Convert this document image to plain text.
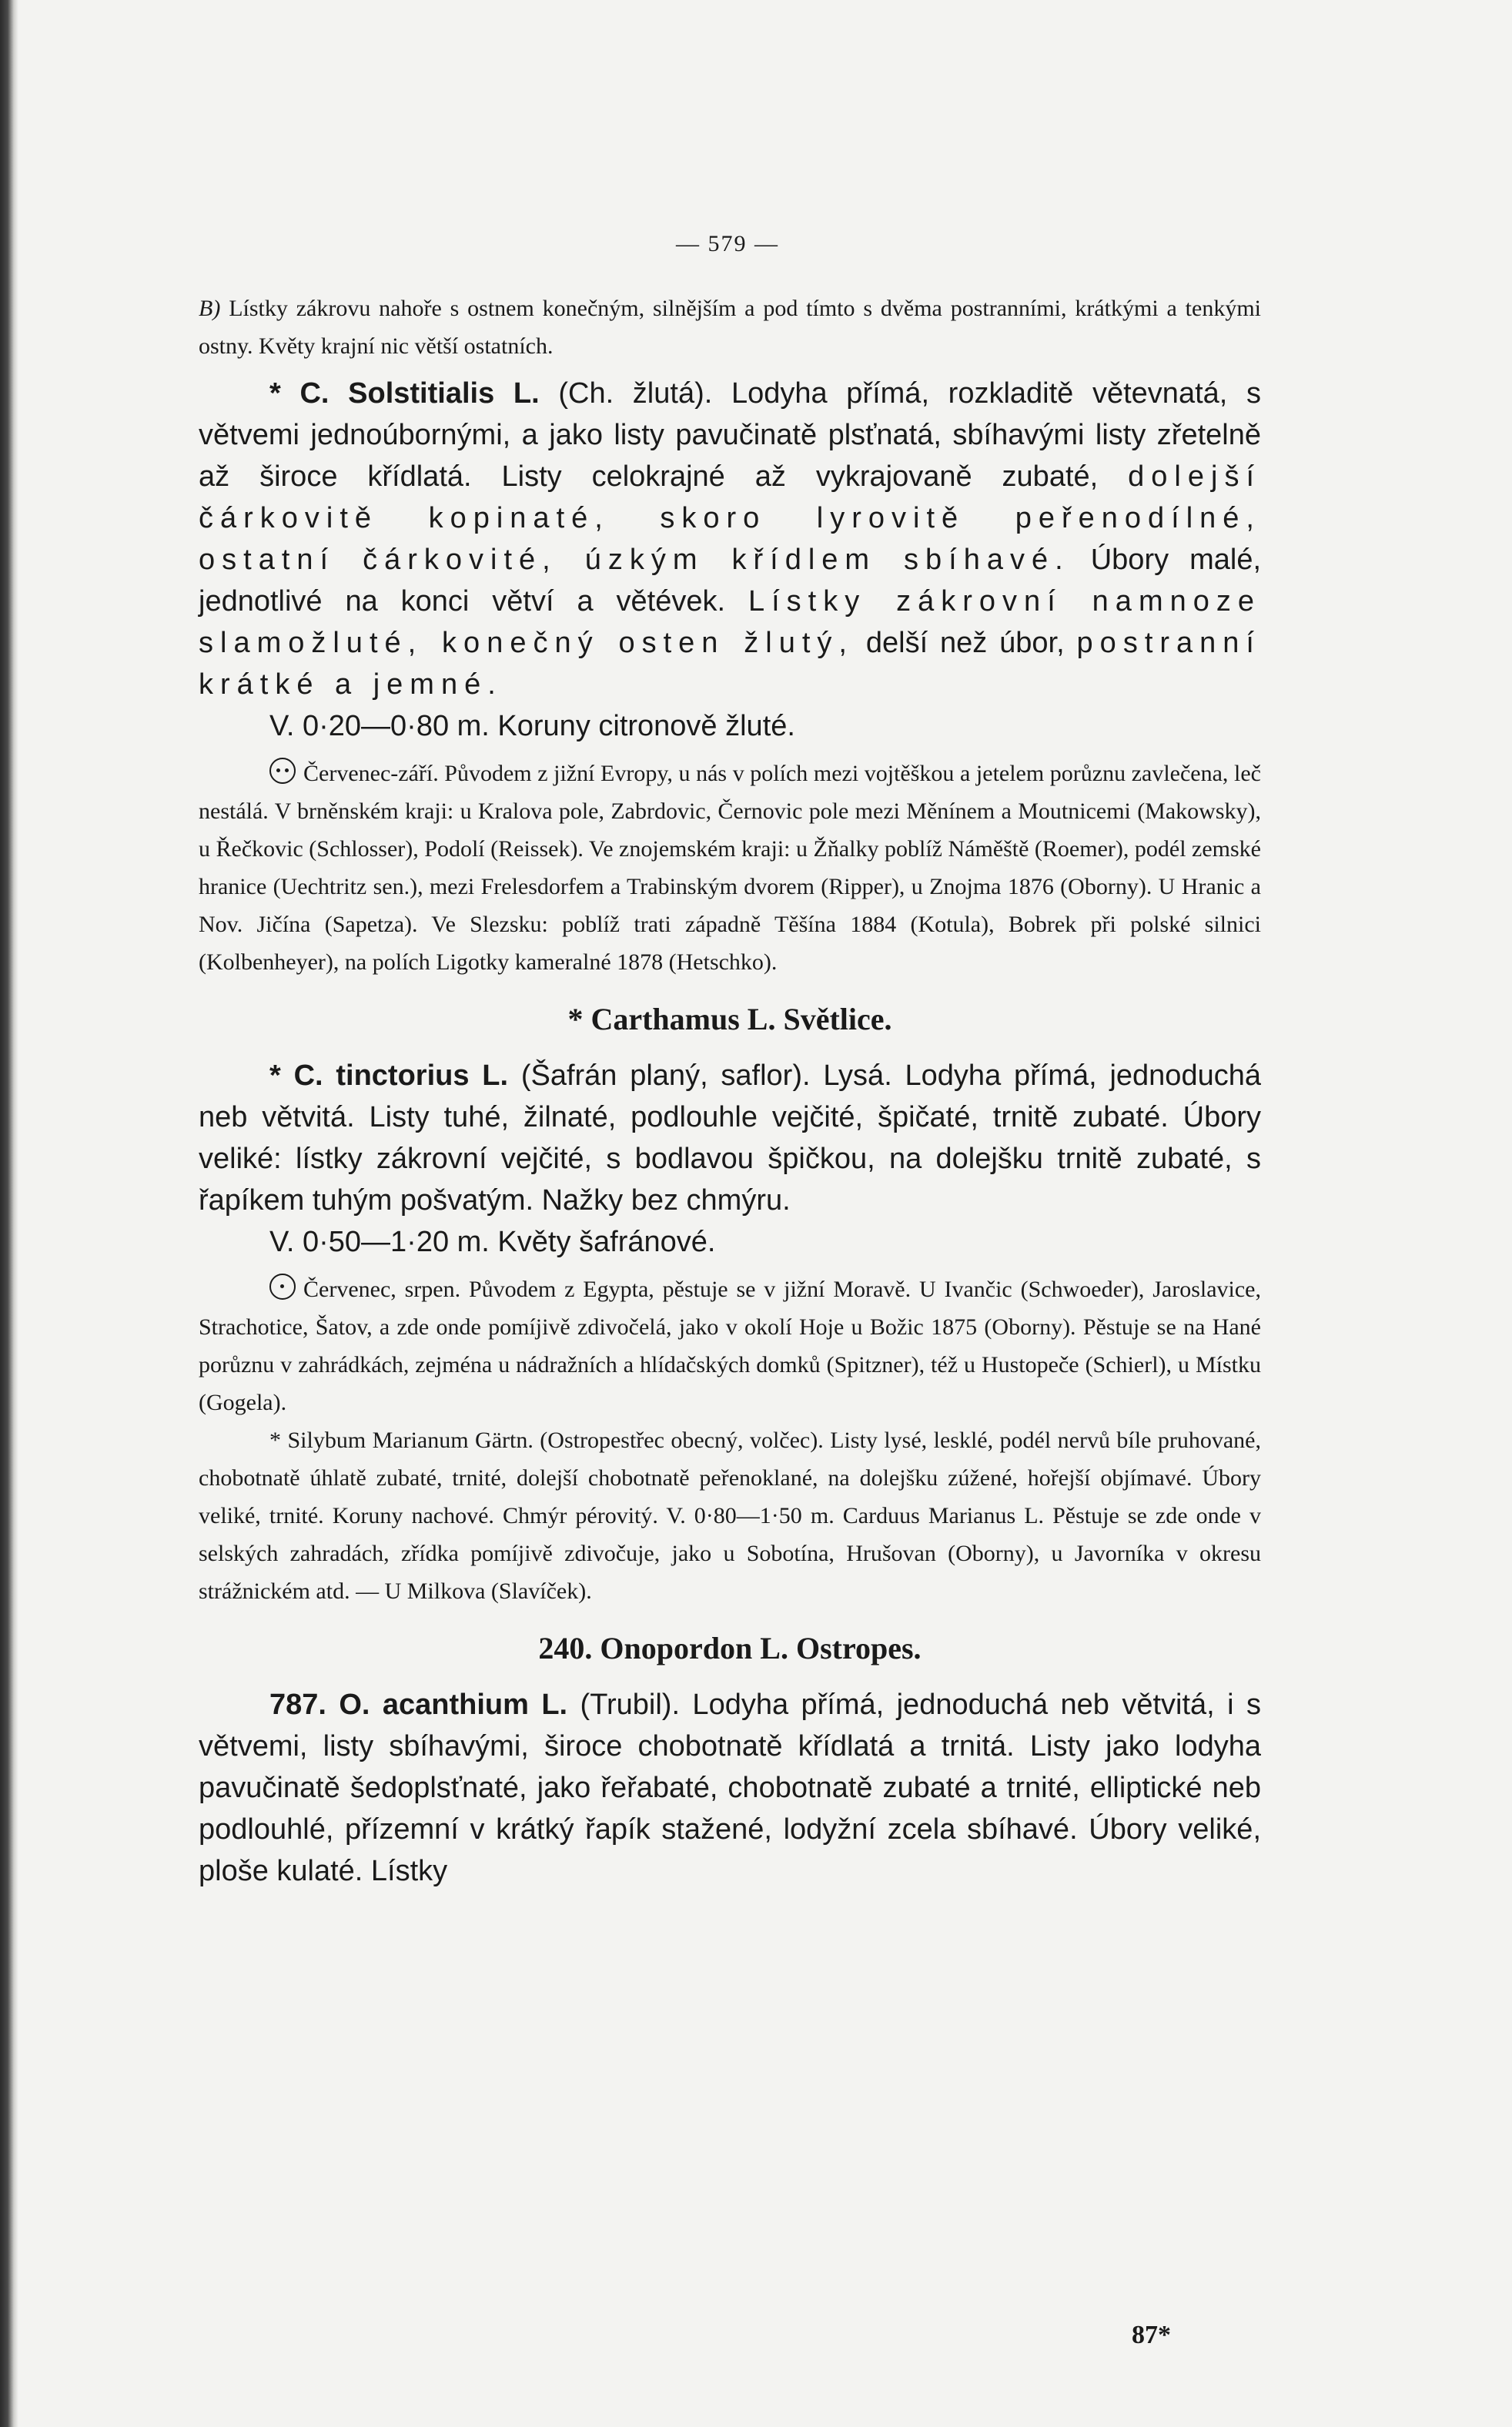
— 579 —

B) Lístky zákrovu nahoře s ostnem konečným, silnějším a pod tímto s dvěma postranními, krátkými a tenkými ostny. Květy krajní nic větší ostatních.

* C. Solstitialis L. (Ch. žlutá). Lodyha přímá, rozkladitě větevnatá, s větvemi jednoúbornými, a jako listy pavučinatě plsťnatá, sbíhavými listy zřetelně až široce křídlatá. Listy celokrajné až vykrajovaně zubaté, dolejší čárkovitě kopinaté, skoro lyrovitě peřenodílné, ostatní čárkovité, úzkým křídlem sbíhavé. Úbory malé, jednotlivé na konci větví a větévek. Lístky zákrovní namnoze slamožluté, konečný osten žlutý, delší než úbor, postranní krátké a jemné.

V. 0·20—0·80 m. Koruny citronově žluté.

Červenec-září. Původem z jižní Evropy, u nás v polích mezi vojtěškou a jetelem porůznu zavlečena, leč nestálá. V brněnském kraji: u Kralova pole, Zabrdovic, Černovic pole mezi Měnínem a Moutnicemi (Makowsky), u Řečkovic (Schlosser), Podolí (Reissek). Ve znojemském kraji: u Žňalky poblíž Náměště (Roemer), podél zemské hranice (Uechtritz sen.), mezi Frelesdorfem a Trabinským dvorem (Ripper), u Znojma 1876 (Oborny). U Hranic a Nov. Jičína (Sapetza). Ve Slezsku: poblíž trati západně Těšína 1884 (Kotula), Bobrek při polské silnici (Kolbenheyer), na polích Ligotky kameralné 1878 (Hetschko).

* Carthamus L. Světlice.

* C. tinctorius L. (Šafrán planý, saflor). Lysá. Lodyha přímá, jednoduchá neb větvitá. Listy tuhé, žilnaté, podlouhle vejčité, špičaté, trnitě zubaté. Úbory veliké: lístky zákrovní vejčité, s bodlavou špičkou, na dolejšku trnitě zubaté, s řapíkem tuhým pošvatým. Nažky bez chmýru.

V. 0·50—1·20 m. Květy šafránové.

Červenec, srpen. Původem z Egypta, pěstuje se v jižní Moravě. U Ivančic (Schwoeder), Jaroslavice, Strachotice, Šatov, a zde onde pomíjivě zdivočelá, jako v okolí Hoje u Božic 1875 (Oborny). Pěstuje se na Hané porůznu v zahrádkách, zejména u nádražních a hlídačských domků (Spitzner), též u Hustopeče (Schierl), u Místku (Gogela).

* Silybum Marianum Gärtn. (Ostropestřec obecný, volčec). Listy lysé, lesklé, podél nervů bíle pruhované, chobotnatě úhlatě zubaté, trnité, dolejší chobotnatě peřenoklané, na dolejšku zúžené, hořejší objímavé. Úbory veliké, trnité. Koruny nachové. Chmýr pérovitý. V. 0·80—1·50 m. Carduus Marianus L. Pěstuje se zde onde v selských zahradách, zřídka pomíjivě zdivočuje, jako u Sobotína, Hrušovan (Oborny), u Javorníka v okresu strážnickém atd. — U Milkova (Slavíček).

240. Onopordon L. Ostropes.

787. O. acanthium L. (Trubil). Lodyha přímá, jednoduchá neb větvitá, i s větvemi, listy sbíhavými, široce chobotnatě křídlatá a trnitá. Listy jako lodyha pavučinatě šedoplsťnaté, jako řeřabaté, chobotnatě zubaté a trnité, elliptické neb podlouhlé, přízemní v krátký řapík stažené, lodyžní zcela sbíhavé. Úbory veliké, ploše kulaté. Lístky

87*
